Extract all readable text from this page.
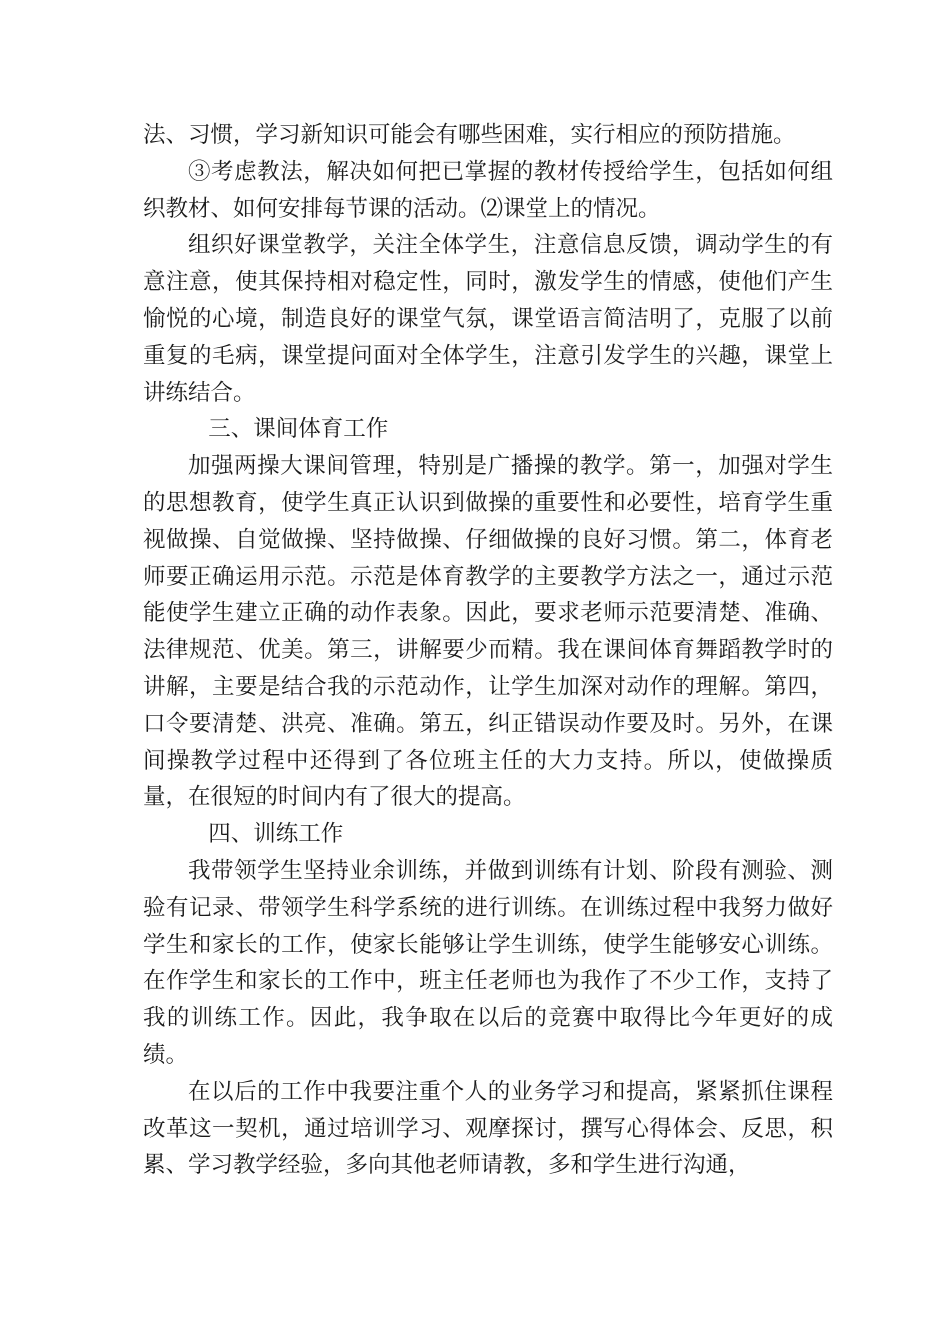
法、习惯，学习新知识可能会有哪些困难，实行相应的预防措施。

③考虑教法，解决如何把已掌握的教材传授给学生，包括如何组织教材、如何安排每节课的活动。⑵课堂上的情况。

组织好课堂教学，关注全体学生，注意信息反馈，调动学生的有意注意，使其保持相对稳定性，同时，激发学生的情感，使他们产生愉悦的心境，制造良好的课堂气氛，课堂语言简洁明了，克服了以前重复的毛病，课堂提问面对全体学生，注意引发学生的兴趣，课堂上讲练结合。

三、课间体育工作

加强两操大课间管理，特别是广播操的教学。第一，加强对学生的思想教育，使学生真正认识到做操的重要性和必要性，培育学生重视做操、自觉做操、坚持做操、仔细做操的良好习惯。第二，体育老师要正确运用示范。示范是体育教学的主要教学方法之一，通过示范能使学生建立正确的动作表象。因此，要求老师示范要清楚、准确、法律规范、优美。第三，讲解要少而精。我在课间体育舞蹈教学时的讲解，主要是结合我的示范动作，让学生加深对动作的理解。第四，口令要清楚、洪亮、准确。第五，纠正错误动作要及时。另外，在课间操教学过程中还得到了各位班主任的大力支持。所以，使做操质量，在很短的时间内有了很大的提高。

四、训练工作

我带领学生坚持业余训练，并做到训练有计划、阶段有测验、测验有记录、带领学生科学系统的进行训练。在训练过程中我努力做好学生和家长的工作，使家长能够让学生训练，使学生能够安心训练。在作学生和家长的工作中，班主任老师也为我作了不少工作，支持了我的训练工作。因此，我争取在以后的竞赛中取得比今年更好的成绩。

在以后的工作中我要注重个人的业务学习和提高，紧紧抓住课程改革这一契机，通过培训学习、观摩探讨，撰写心得体会、反思，积累、学习教学经验，多向其他老师请教，多和学生进行沟通，
